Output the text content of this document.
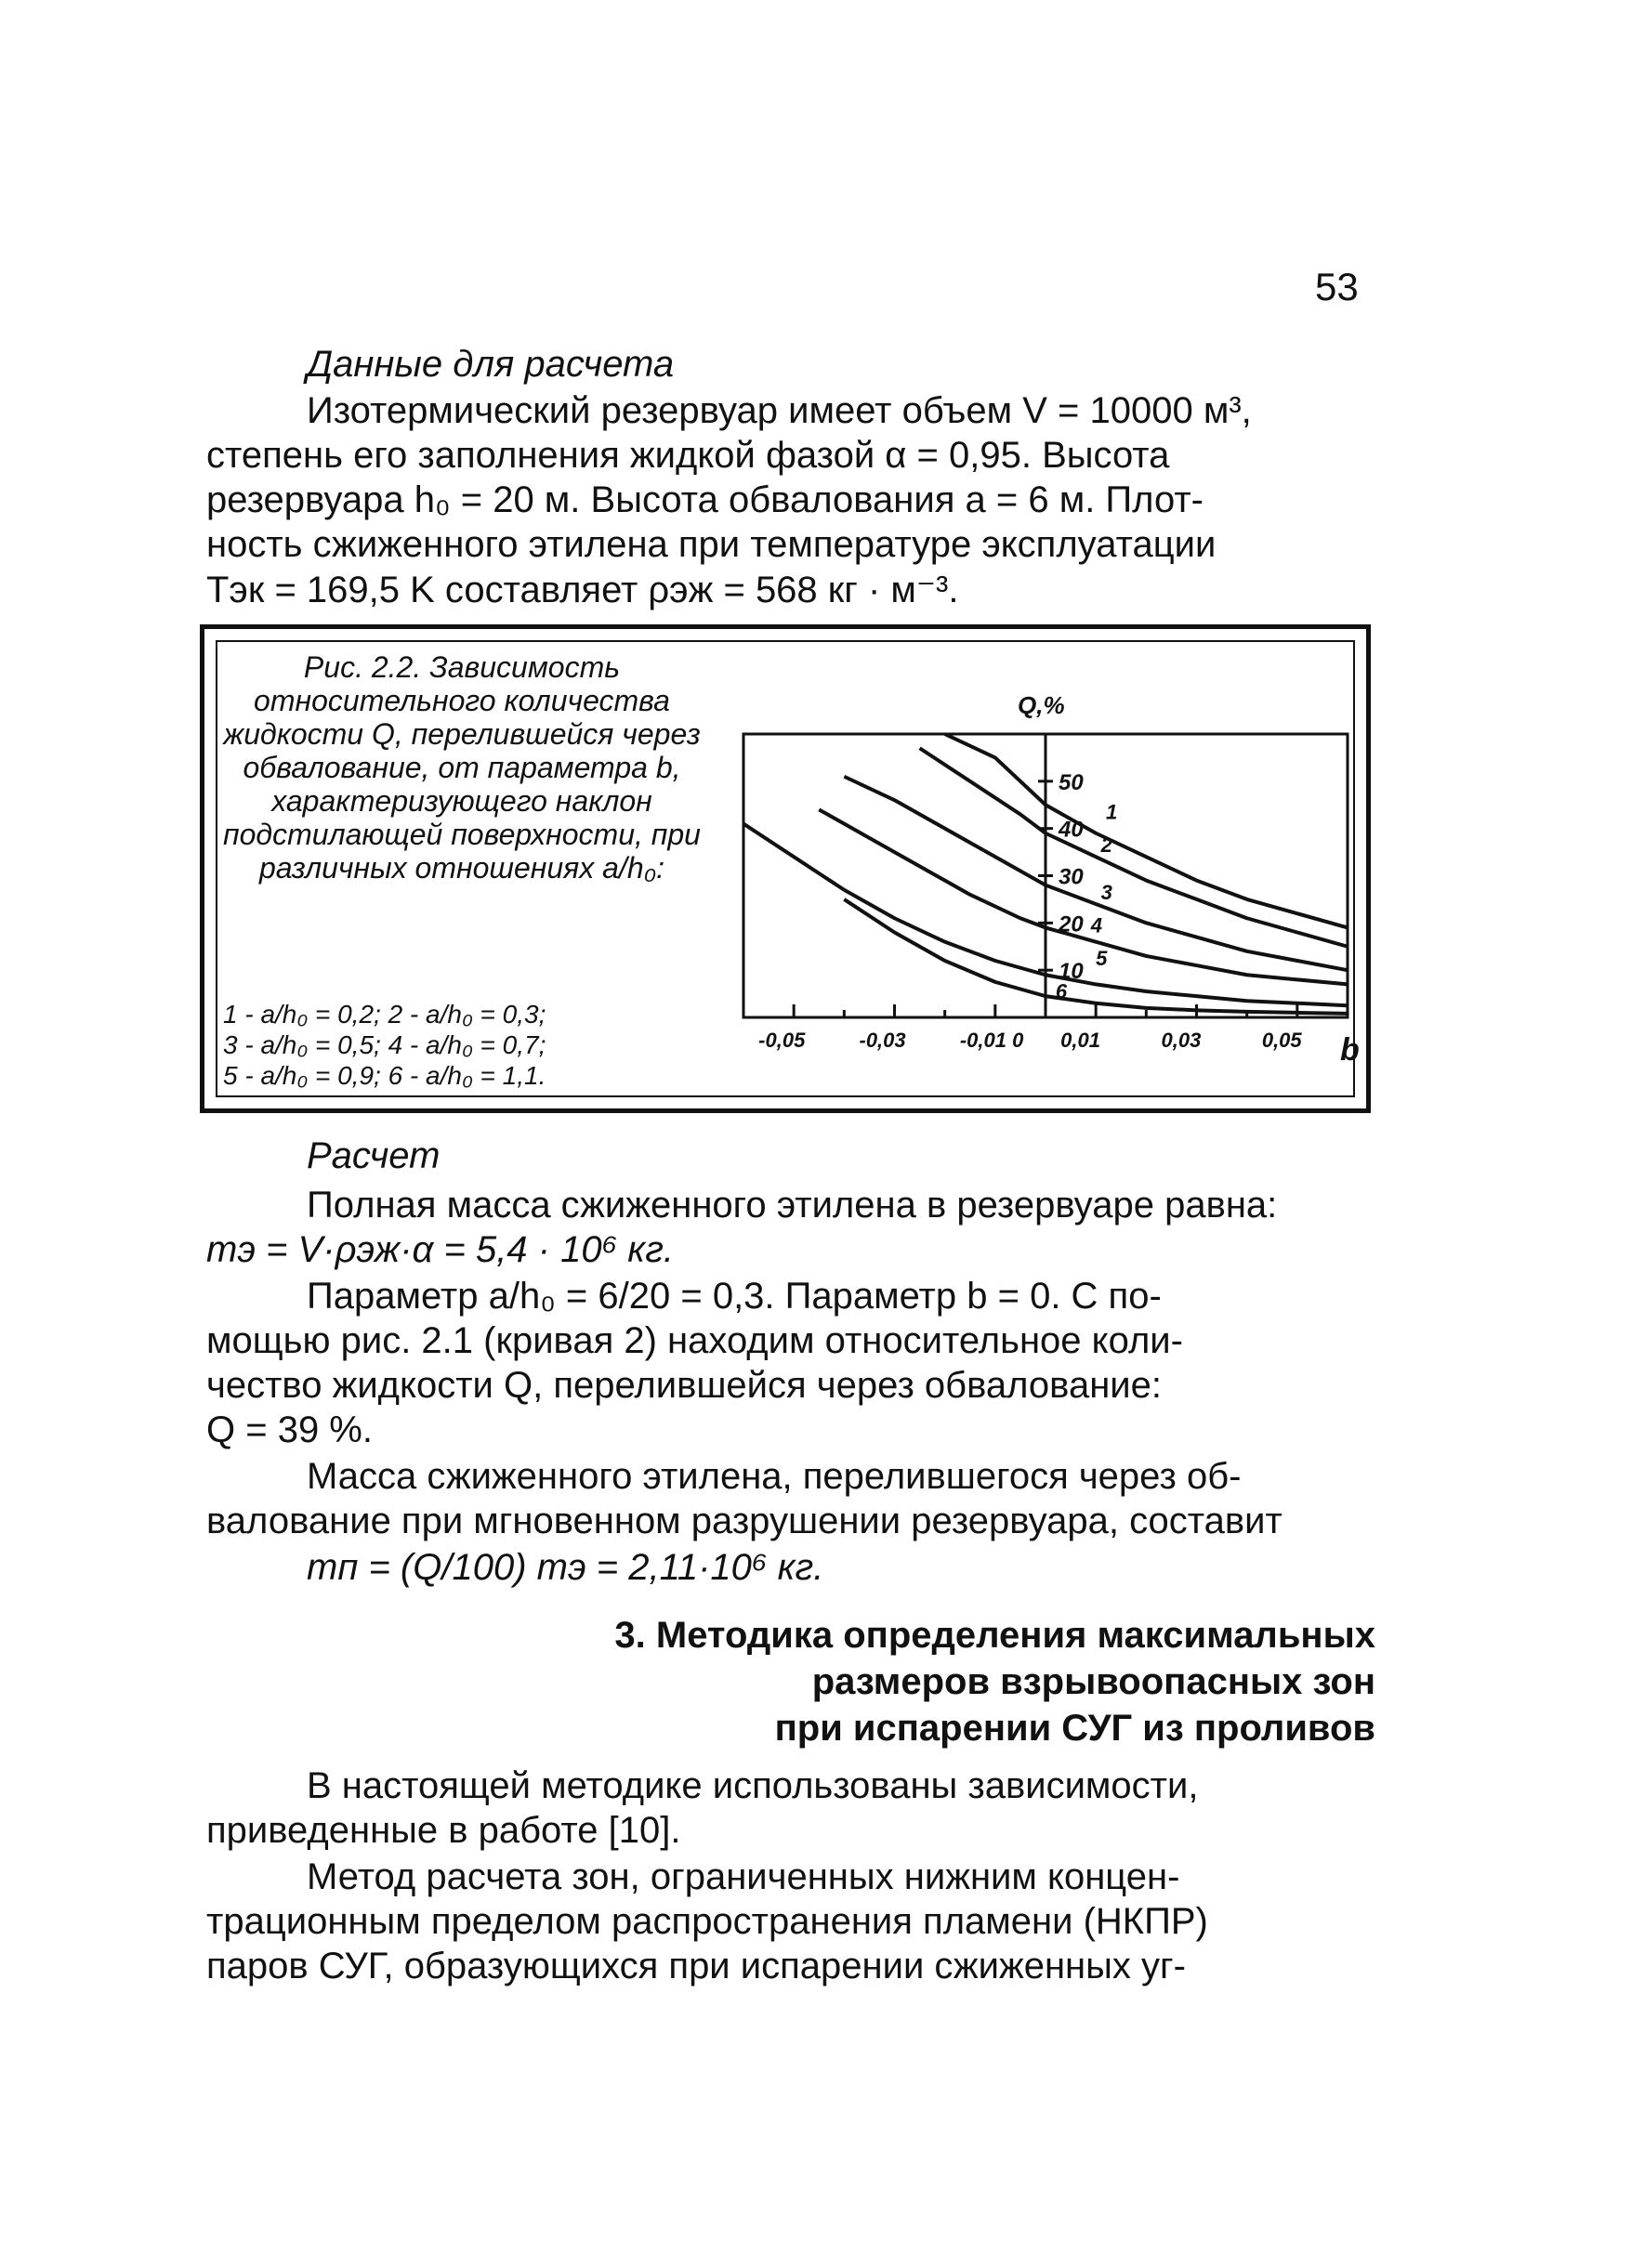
53
Данные для расчета
Изотермический резервуар имеет объем V = 10000 м³,
степень его заполнения жидкой фазой α = 0,95. Высота
резервуара h₀ = 20 м. Высота обвалования a = 6 м. Плот-
ность сжиженного этилена при температуре эксплуатации
Tэк = 169,5 K составляет ρэж = 568 кг · м⁻³.
Рис. 2.2. Зависимость относительного количества жидкости Q, перелившейся через обвалование, от параметра b, характеризующего наклон подстилающей поверхности, при различных отношениях a/h₀:
1 - a/h₀ = 0,2; 2 - a/h₀ = 0,3;
3 - a/h₀ = 0,5; 4 - a/h₀ = 0,7;
5 - a/h₀ = 0,9; 6 - a/h₀ = 1,1.
Q,%
b
50
40
30
20
10
-0,05	-0,03	-0,01 0 0,01	0,03	0,05
1
2
3
4
5
6
Расчет
Полная масса сжиженного этилена в резервуаре равна:
mэ = V·ρэж·α = 5,4 · 10⁶ кг.
Параметр a/h₀ = 6/20 = 0,3. Параметр b = 0. С по-
мощью рис. 2.1 (кривая 2) находим относительное коли-
чество жидкости Q, перелившейся через обвалование:
Q = 39 %.
Масса сжиженного этилена, перелившегося через об-
валование при мгновенном разрушении резервуара, составит
mп = (Q/100) mэ = 2,11·10⁶ кг.
3. Методика определения максимальных
размеров взрывоопасных зон
при испарении СУГ из проливов
В настоящей методике использованы зависимости,
приведенные в работе [10].
Метод расчета зон, ограниченных нижним концен-
трационным пределом распространения пламени (НКПР)
паров СУГ, образующихся при испарении сжиженных уг-
